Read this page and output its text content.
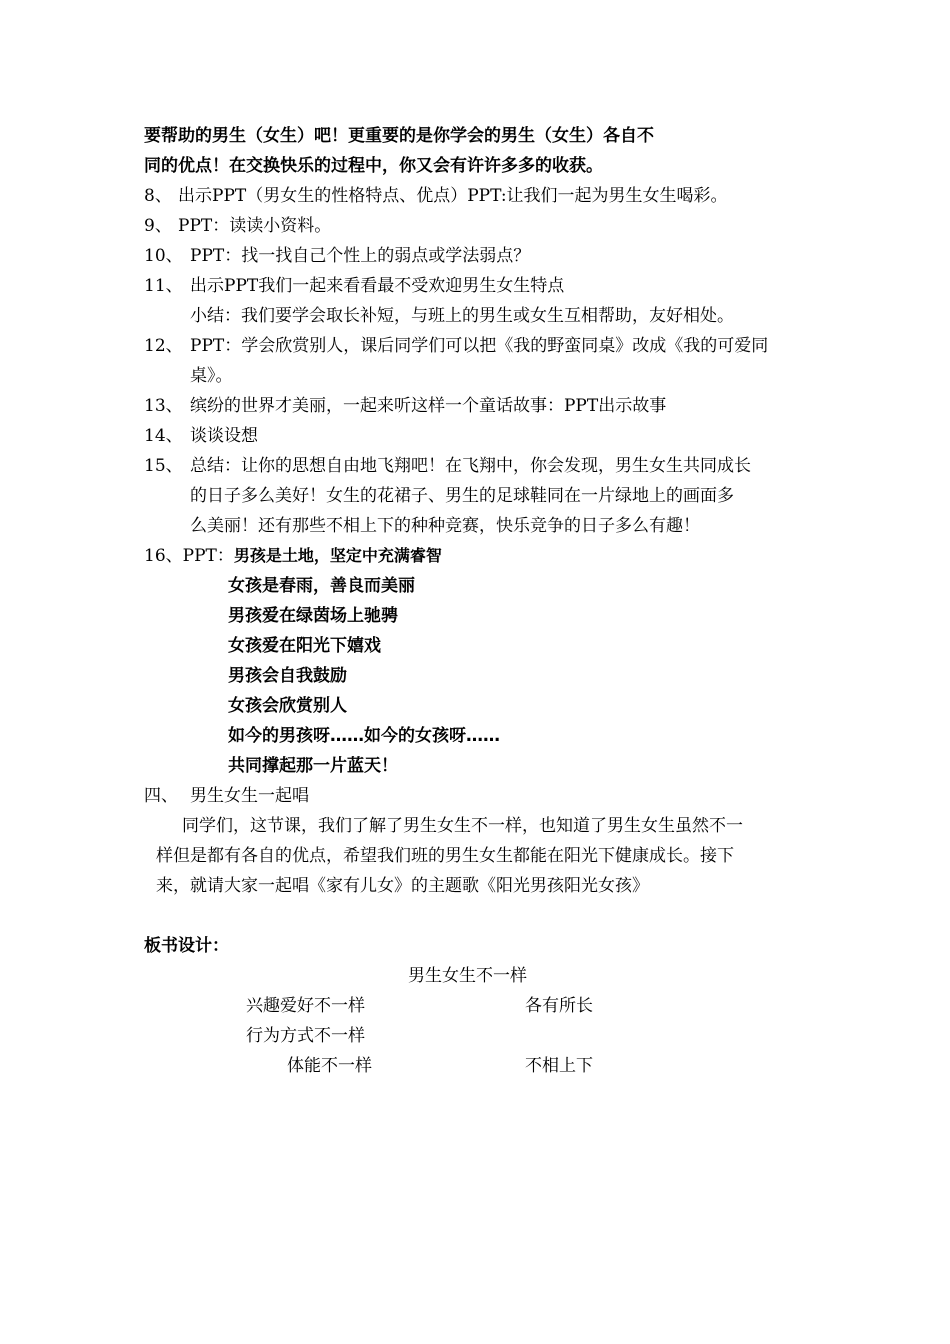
要帮助的男生（女生）吧！更重要的是你学会的男生（女生）各自不
同的优点！在交换快乐的过程中，你又会有许许多多的收获。
8、 出示PPT（男女生的性格特点、优点）PPT:让我们一起为男生女生喝彩。
9、 PPT：读读小资料。
10、 PPT：找一找自己个性上的弱点或学法弱点？
11、 出示PPT我们一起来看看最不受欢迎男生女生特点
小结：我们要学会取长补短，与班上的男生或女生互相帮助，友好相处。
12、 PPT：学会欣赏别人，课后同学们可以把《我的野蛮同桌》改成《我的可爱同
桌》。
13、 缤纷的世界才美丽，一起来听这样一个童话故事：PPT出示故事
14、 谈谈设想
15、 总结：让你的思想自由地飞翔吧！在飞翔中，你会发现，男生女生共同成长
的日子多么美好！女生的花裙子、男生的足球鞋同在一片绿地上的画面多
么美丽！还有那些不相上下的种种竞赛，快乐竞争的日子多么有趣！
16、PPT：男孩是土地，坚定中充满睿智
女孩是春雨，善良而美丽
男孩爱在绿茵场上驰骋
女孩爱在阳光下嬉戏
男孩会自我鼓励
女孩会欣赏别人
如今的男孩呀……如今的女孩呀……
共同撑起那一片蓝天！
四、 男生女生一起唱
同学们，这节课，我们了解了男生女生不一样，也知道了男生女生虽然不一
样但是都有各自的优点，希望我们班的男生女生都能在阳光下健康成长。接下
来，就请大家一起唱《家有儿女》的主题歌《阳光男孩阳光女孩》
板书设计：
男生女生不一样
兴趣爱好不一样	各有所长
行为方式不一样
体能不一样	不相上下
